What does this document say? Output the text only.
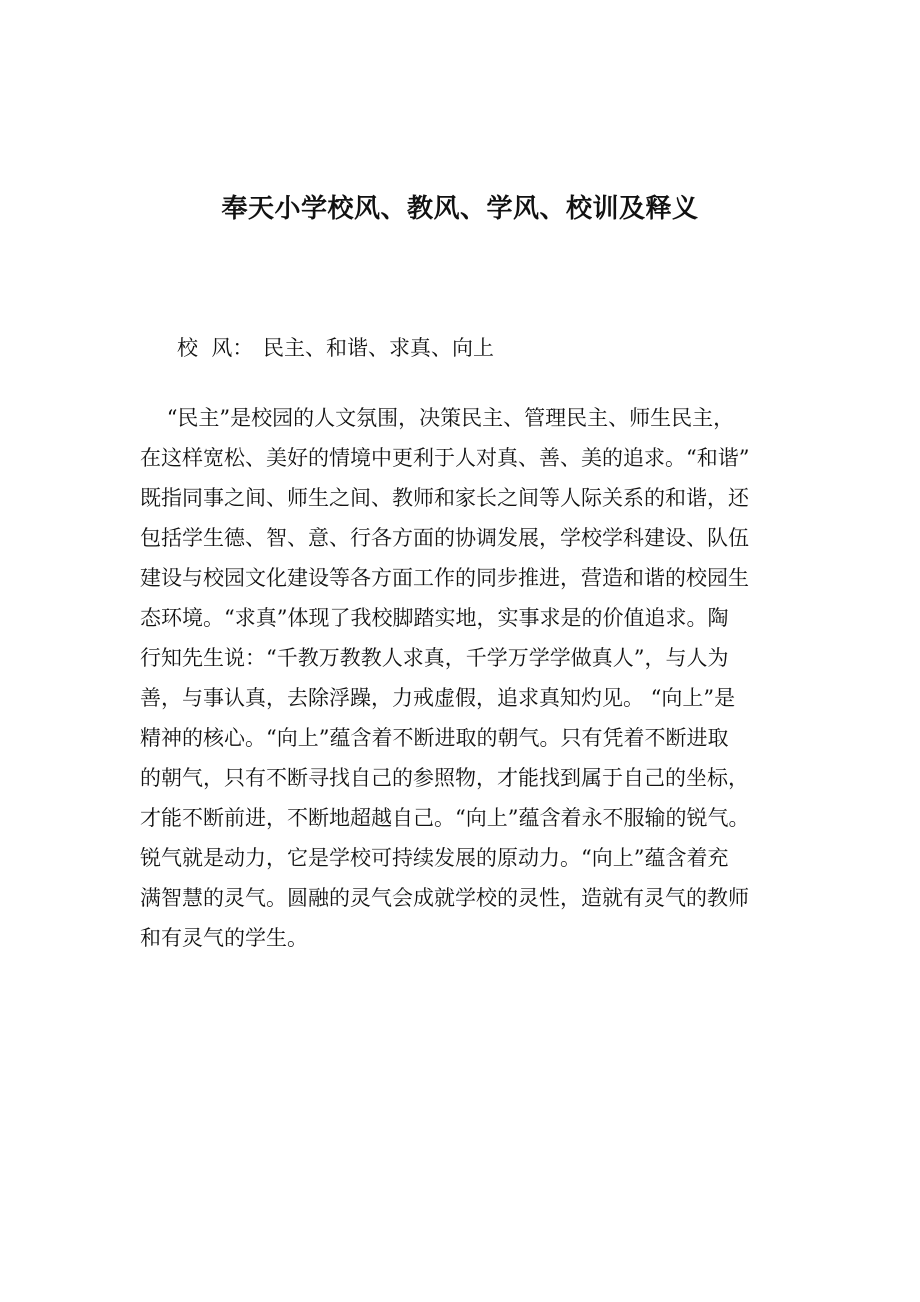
奉天小学校风、教风、学风、校训及释义
校  风： 民主、和谐、求真、向上
“民主”是校园的人文氛围，决策民主、管理民主、师生民主，
在这样宽松、美好的情境中更利于人对真、善、美的追求。“和谐”
既指同事之间、师生之间、教师和家长之间等人际关系的和谐，还
包括学生德、智、意、行各方面的协调发展，学校学科建设、队伍
建设与校园文化建设等各方面工作的同步推进，营造和谐的校园生
态环境。“求真”体现了我校脚踏实地，实事求是的价值追求。陶
行知先生说：“千教万教教人求真，千学万学学做真人”，与人为
善，与事认真，去除浮躁，力戒虚假，追求真知灼见。 “向上”是
精神的核心。“向上”蕴含着不断进取的朝气。只有凭着不断进取
的朝气，只有不断寻找自己的参照物，才能找到属于自己的坐标，
才能不断前进，不断地超越自己。“向上”蕴含着永不服输的锐气。
锐气就是动力，它是学校可持续发展的原动力。“向上”蕴含着充
满智慧的灵气。圆融的灵气会成就学校的灵性，造就有灵气的教师
和有灵气的学生。
